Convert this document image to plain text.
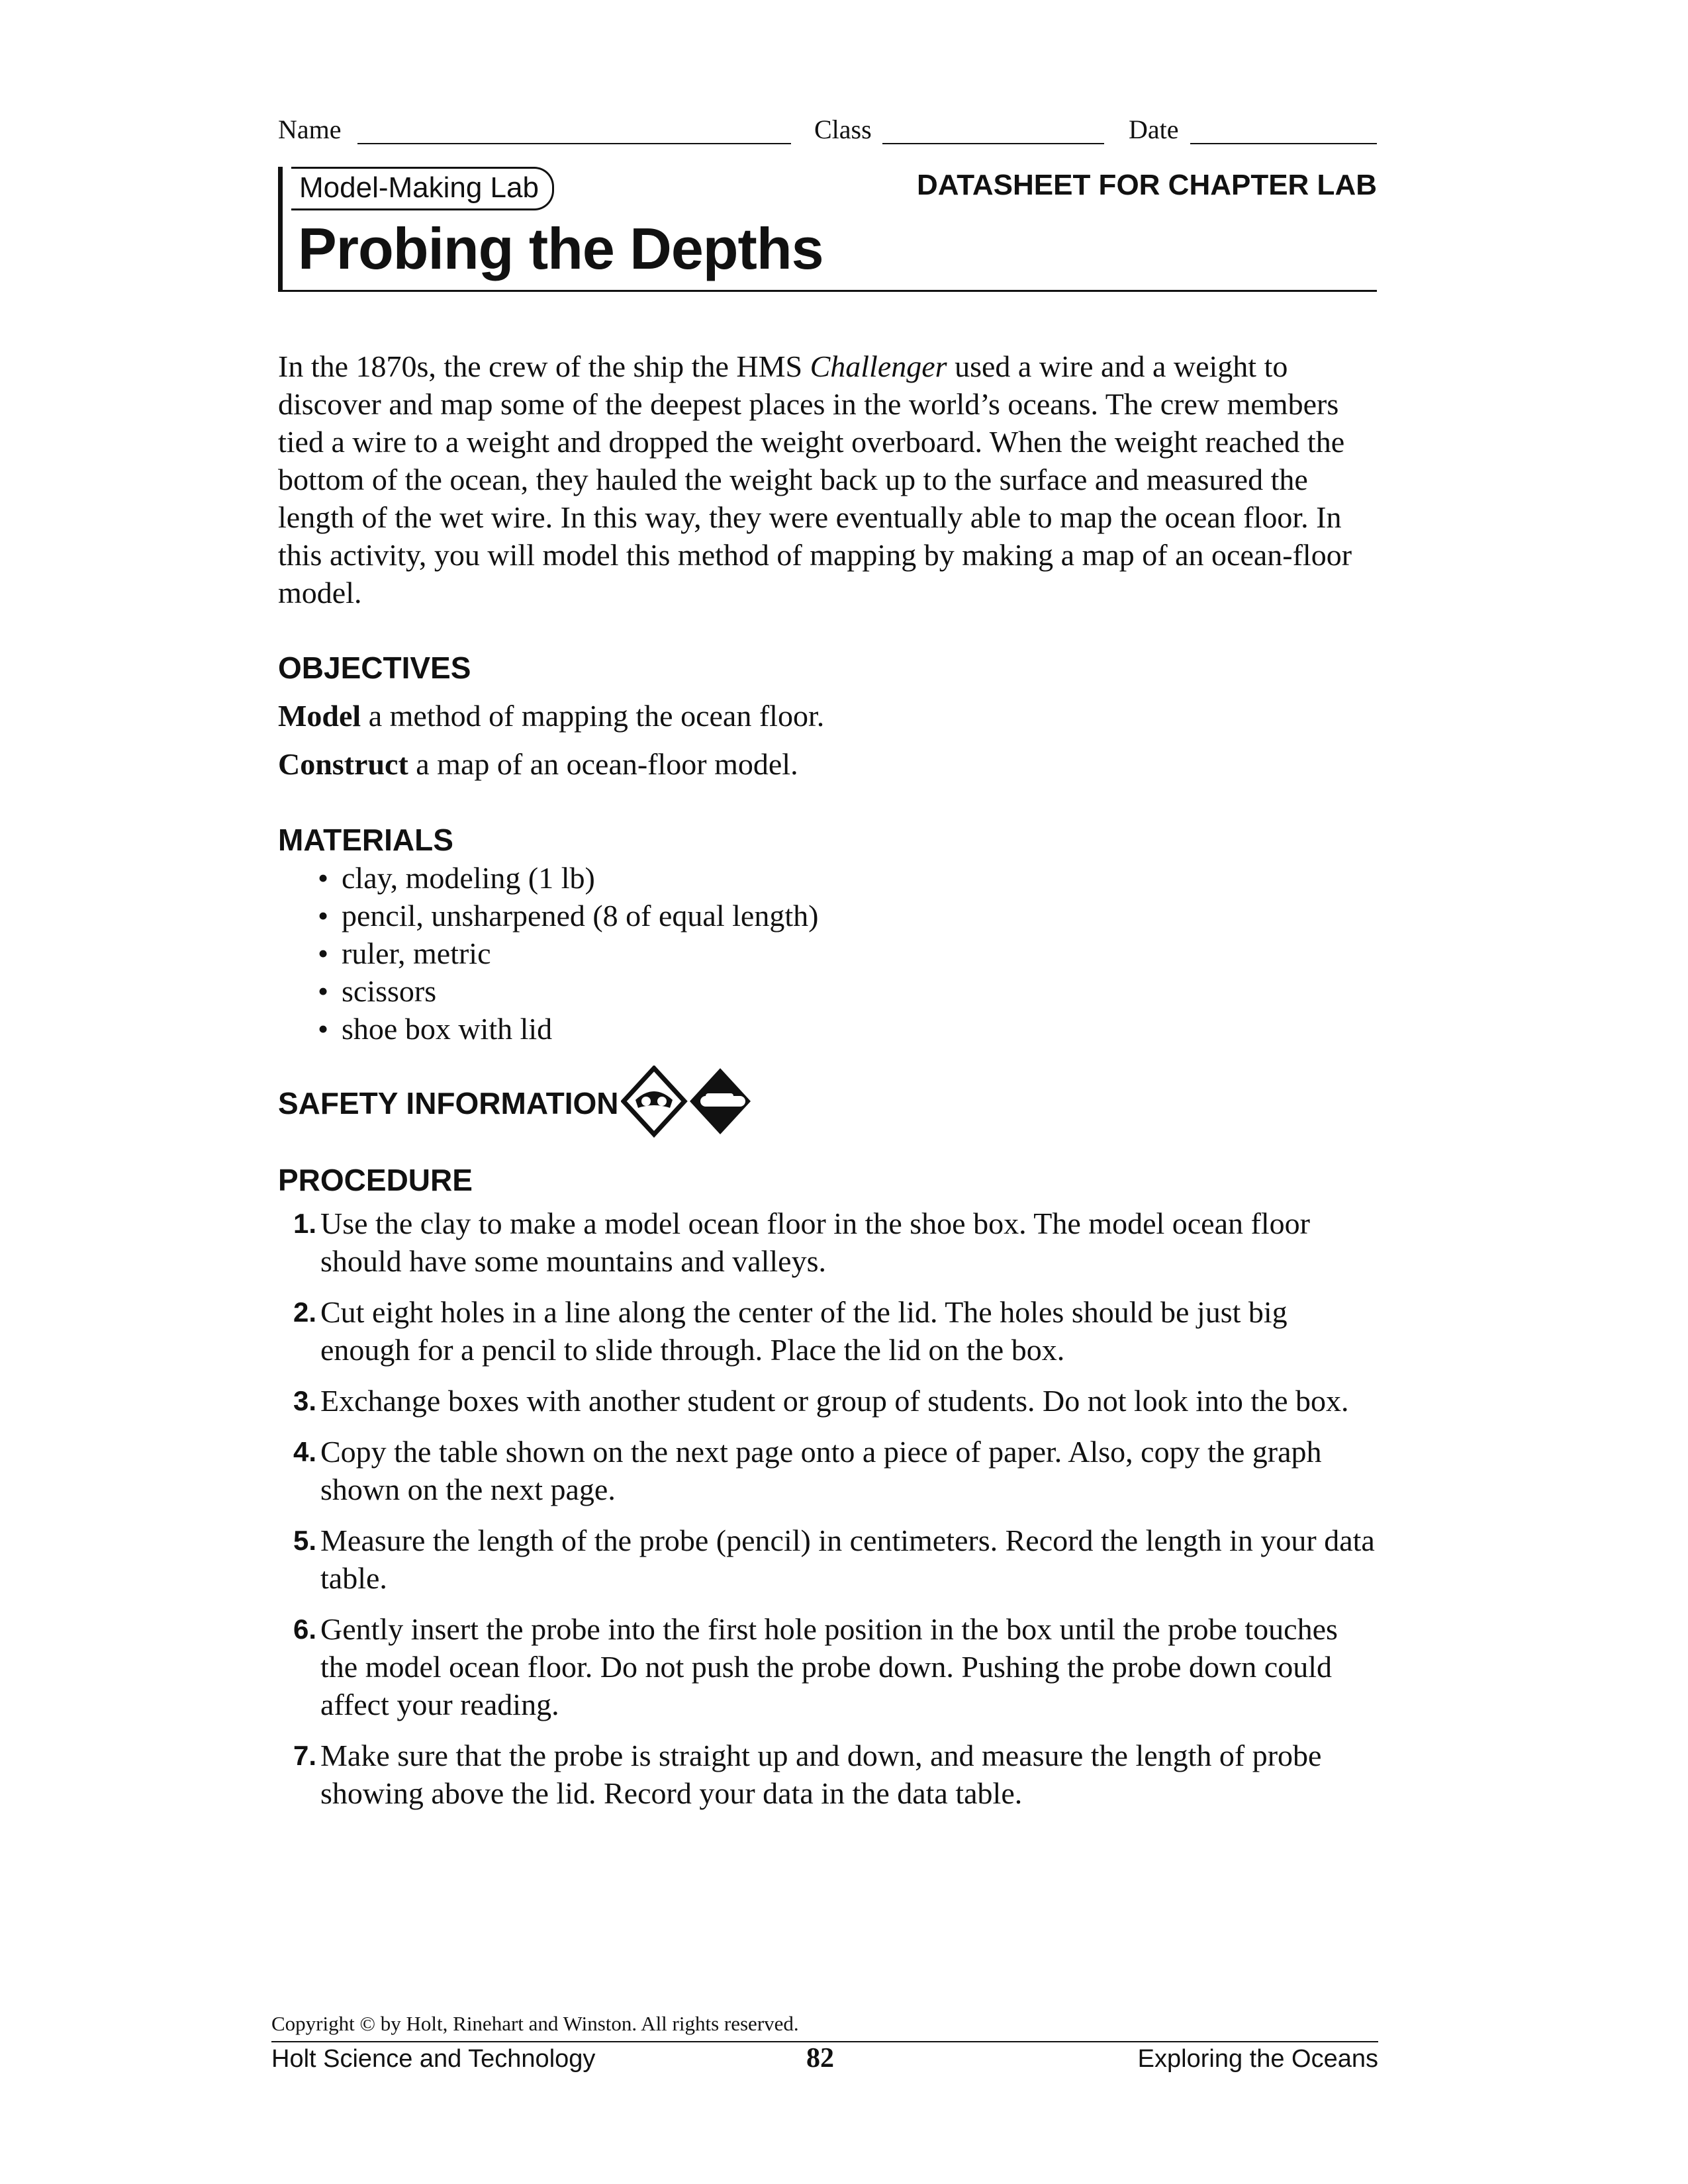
Name	Class	Date
Model-Making Lab
Probing the Depths
DATASHEET FOR CHAPTER LAB
In the 1870s, the crew of the ship the HMS Challenger used a wire and a weight to discover and map some of the deepest places in the world’s oceans. The crew members tied a wire to a weight and dropped the weight overboard. When the weight reached the bottom of the ocean, they hauled the weight back up to the surface and measured the length of the wet wire. In this way, they were eventually able to map the ocean floor. In this activity, you will model this method of mapping by making a map of an ocean-floor model.
OBJECTIVES
Model a method of mapping the ocean floor.
Construct a map of an ocean-floor model.
MATERIALS
• clay, modeling (1 lb)
• pencil, unsharpened (8 of equal length)
• ruler, metric
• scissors
• shoe box with lid
SAFETY INFORMATION
PROCEDURE
1. Use the clay to make a model ocean floor in the shoe box. The model ocean floor should have some mountains and valleys.
2. Cut eight holes in a line along the center of the lid. The holes should be just big enough for a pencil to slide through. Place the lid on the box.
3. Exchange boxes with another student or group of students. Do not look into the box.
4. Copy the table shown on the next page onto a piece of paper. Also, copy the graph shown on the next page.
5. Measure the length of the probe (pencil) in centimeters. Record the length in your data table.
6. Gently insert the probe into the first hole position in the box until the probe touches the model ocean floor. Do not push the probe down. Pushing the probe down could affect your reading.
7. Make sure that the probe is straight up and down, and measure the length of probe showing above the lid. Record your data in the data table.
Copyright © by Holt, Rinehart and Winston. All rights reserved.
Holt Science and Technology	82	Exploring the Oceans
